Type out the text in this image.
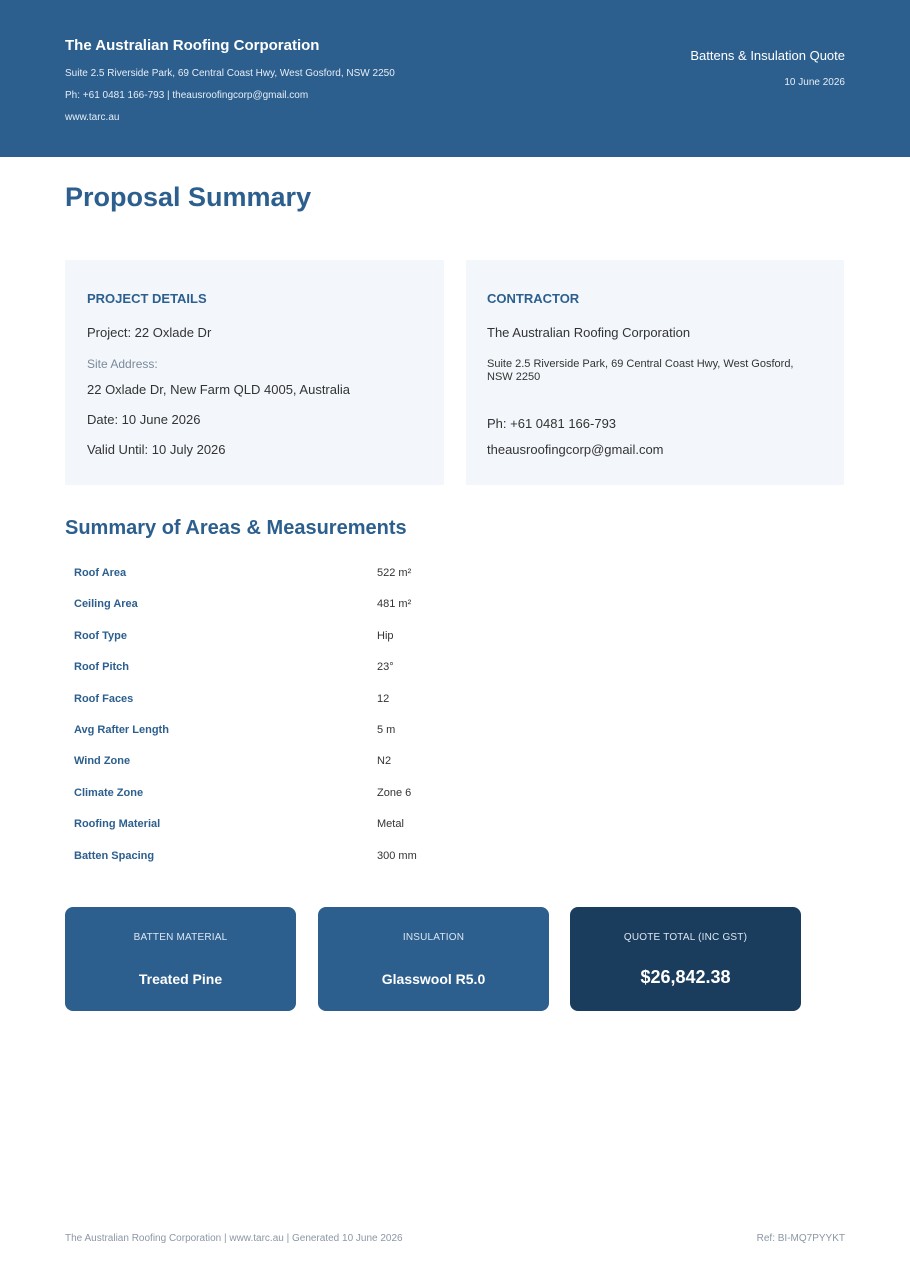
The Australian Roofing Corporation
Suite 2.5 Riverside Park, 69 Central Coast Hwy, West Gosford, NSW 2250
Ph: +61 0481 166-793 | theausroofingcorp@gmail.com
www.tarc.au
Battens & Insulation Quote
10 June 2026
Proposal Summary
PROJECT DETAILS
Project: 22 Oxlade Dr
Site Address:
22 Oxlade Dr, New Farm QLD 4005, Australia
Date: 10 June 2026
Valid Until: 10 July 2026
CONTRACTOR
The Australian Roofing Corporation
Suite 2.5 Riverside Park, 69 Central Coast Hwy, West Gosford, NSW 2250
Ph: +61 0481 166-793
theausroofingcorp@gmail.com
Summary of Areas & Measurements
Roof Area	522 m²
Ceiling Area	481 m²
Roof Type	Hip
Roof Pitch	23°
Roof Faces	12
Avg Rafter Length	5 m
Wind Zone	N2
Climate Zone	Zone 6
Roofing Material	Metal
Batten Spacing	300 mm
BATTEN MATERIAL
Treated Pine
INSULATION
Glasswool R5.0
QUOTE TOTAL (INC GST)
$26,842.38
The Australian Roofing Corporation | www.tarc.au | Generated 10 June 2026	Ref: BI-MQ7PYYKT
